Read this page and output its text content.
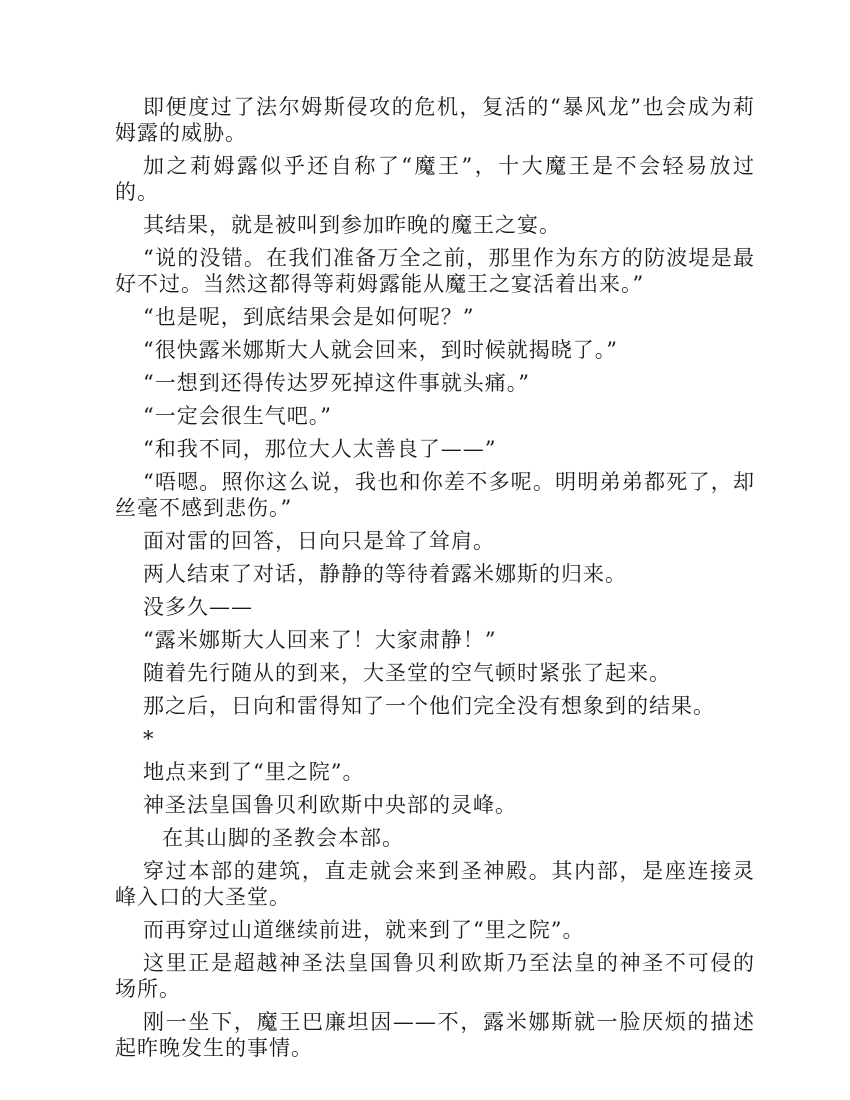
即便度过了法尔姆斯侵攻的危机，复活的“暴风龙”也会成为莉姆露的威胁。

加之莉姆露似乎还自称了“魔王”，十大魔王是不会轻易放过的。

其结果，就是被叫到参加昨晚的魔王之宴。

“说的没错。在我们准备万全之前，那里作为东方的防波堤是最好不过。当然这都得等莉姆露能从魔王之宴活着出来。”

“也是呢，到底结果会是如何呢？”

“很快露米娜斯大人就会回来，到时候就揭晓了。”

“一想到还得传达罗死掉这件事就头痛。”

“一定会很生气吧。”

“和我不同，那位大人太善良了——”

“唔嗯。照你这么说，我也和你差不多呢。明明弟弟都死了，却丝毫不感到悲伤。”

面对雷的回答，日向只是耸了耸肩。

两人结束了对话，静静的等待着露米娜斯的归来。

没多久——

“露米娜斯大人回来了！大家肃静！”

随着先行随从的到来，大圣堂的空气顿时紧张了起来。

那之后，日向和雷得知了一个他们完全没有想象到的结果。

*

地点来到了“里之院”。

神圣法皇国鲁贝利欧斯中央部的灵峰。

在其山脚的圣教会本部。

穿过本部的建筑，直走就会来到圣神殿。其内部，是座连接灵峰入口的大圣堂。

而再穿过山道继续前进，就来到了“里之院”。

这里正是超越神圣法皇国鲁贝利欧斯乃至法皇的神圣不可侵的场所。

刚一坐下，魔王巴廉坦因——不，露米娜斯就一脸厌烦的描述起昨晚发生的事情。
